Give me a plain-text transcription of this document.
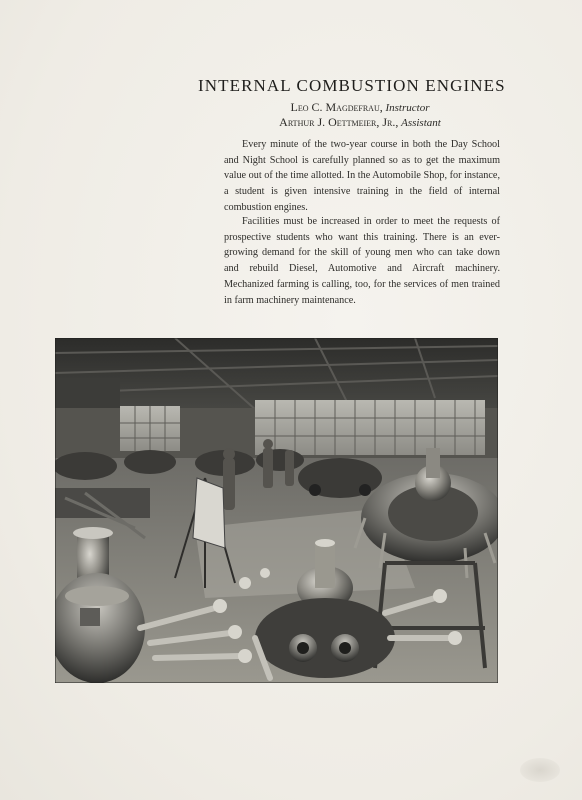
INTERNAL COMBUSTION ENGINES
Leo C. Magdefrau, Instructor
Arthur J. Oettmeier, Jr., Assistant

Every minute of the two-year course in both the Day School and Night School is carefully planned so as to get the maximum value out of the time allotted. In the Automobile Shop, for instance, a student is given intensive training in the field of internal combustion engines.

Facilities must be increased in order to meet the requests of prospective students who want this training. There is an ever-growing demand for the skill of young men who can take down and rebuild Diesel, Automotive and Aircraft machinery. Mechanized farming is calling, too, for the services of men trained in farm machinery maintenance.
